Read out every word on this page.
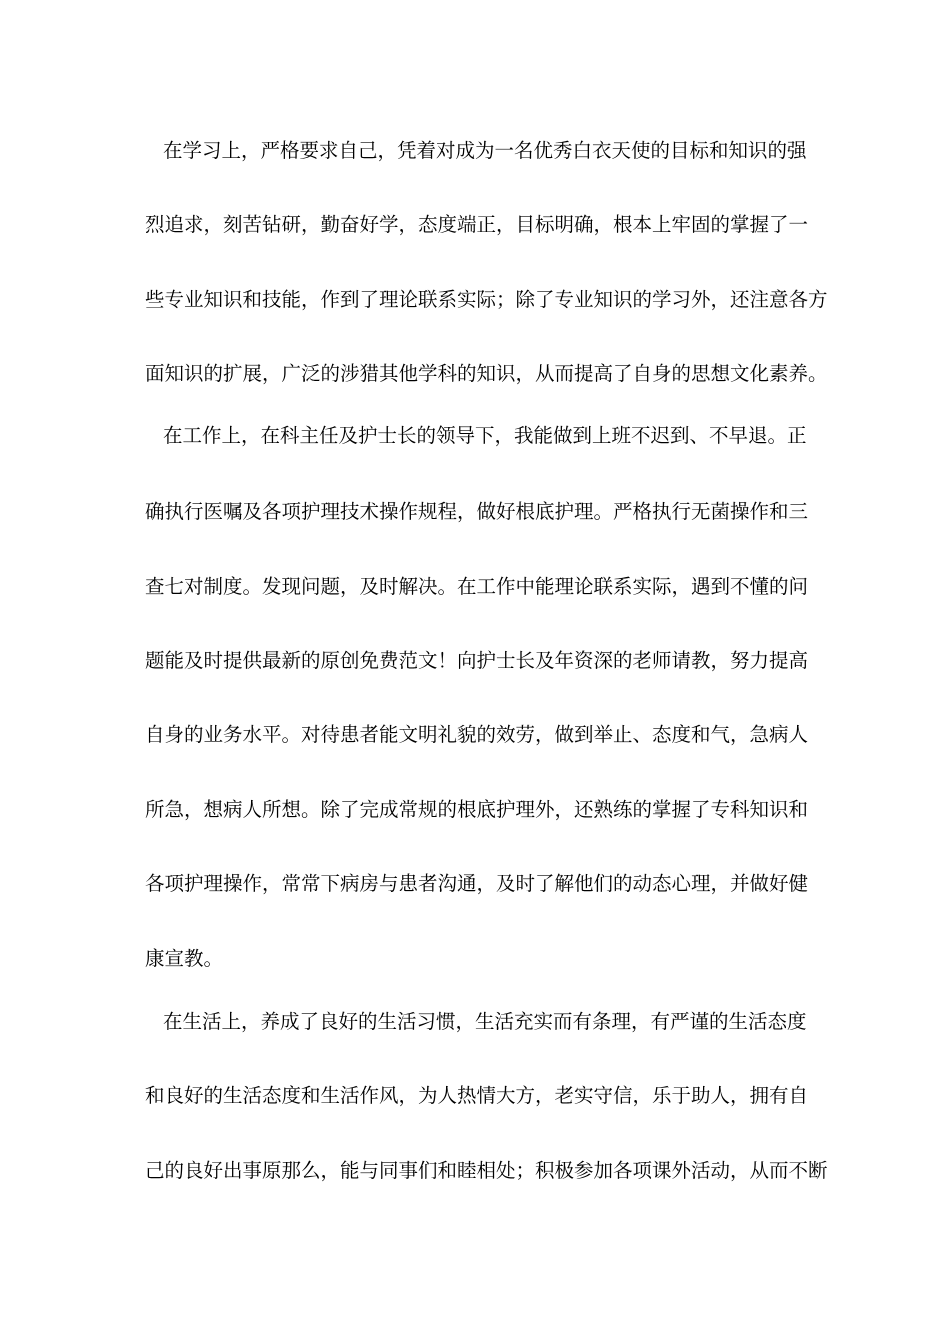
在学习上，严格要求自己，凭着对成为一名优秀白衣天使的目标和知识的强
烈追求，刻苦钻研，勤奋好学，态度端正，目标明确，根本上牢固的掌握了一
些专业知识和技能，作到了理论联系实际；除了专业知识的学习外，还注意各方
面知识的扩展，广泛的涉猎其他学科的知识，从而提高了自身的思想文化素养。
在工作上，在科主任及护士长的领导下，我能做到上班不迟到、不早退。正
确执行医嘱及各项护理技术操作规程，做好根底护理。严格执行无菌操作和三
查七对制度。发现问题，及时解决。在工作中能理论联系实际，遇到不懂的问
题能及时提供最新的原创免费范文！向护士长及年资深的老师请教，努力提高
自身的业务水平。对待患者能文明礼貌的效劳，做到举止、态度和气，急病人
所急，想病人所想。除了完成常规的根底护理外，还熟练的掌握了专科知识和
各项护理操作，常常下病房与患者沟通，及时了解他们的动态心理，并做好健
康宣教。
在生活上，养成了良好的生活习惯，生活充实而有条理，有严谨的生活态度
和良好的生活态度和生活作风，为人热情大方，老实守信，乐于助人，拥有自
己的良好出事原那么，能与同事们和睦相处；积极参加各项课外活动，从而不断
